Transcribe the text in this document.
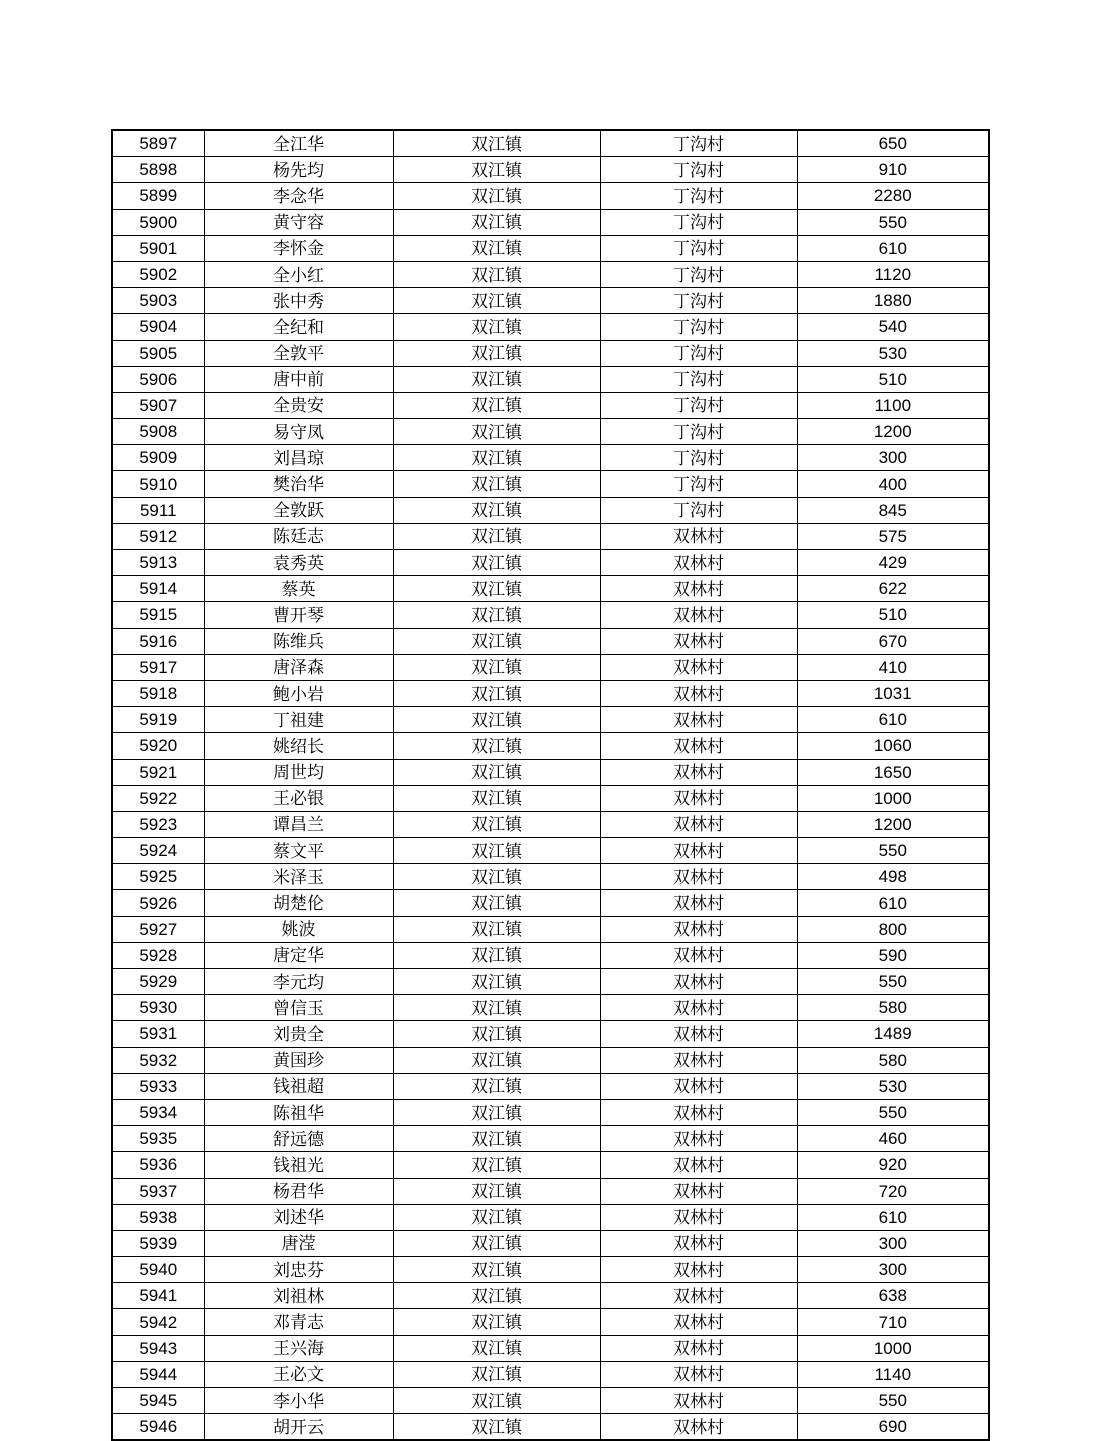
5897	全江华	双江镇	丁沟村	650
5898	杨先均	双江镇	丁沟村	910
5899	李念华	双江镇	丁沟村	2280
5900	黄守容	双江镇	丁沟村	550
5901	李怀金	双江镇	丁沟村	610
5902	全小红	双江镇	丁沟村	1120
5903	张中秀	双江镇	丁沟村	1880
5904	全纪和	双江镇	丁沟村	540
5905	全敦平	双江镇	丁沟村	530
5906	唐中前	双江镇	丁沟村	510
5907	全贵安	双江镇	丁沟村	1100
5908	易守凤	双江镇	丁沟村	1200
5909	刘昌琼	双江镇	丁沟村	300
5910	樊治华	双江镇	丁沟村	400
5911	全敦跃	双江镇	丁沟村	845
5912	陈廷志	双江镇	双林村	575
5913	袁秀英	双江镇	双林村	429
5914	蔡英	双江镇	双林村	622
5915	曹开琴	双江镇	双林村	510
5916	陈维兵	双江镇	双林村	670
5917	唐泽森	双江镇	双林村	410
5918	鲍小岩	双江镇	双林村	1031
5919	丁祖建	双江镇	双林村	610
5920	姚绍长	双江镇	双林村	1060
5921	周世均	双江镇	双林村	1650
5922	王必银	双江镇	双林村	1000
5923	谭昌兰	双江镇	双林村	1200
5924	蔡文平	双江镇	双林村	550
5925	米泽玉	双江镇	双林村	498
5926	胡楚伦	双江镇	双林村	610
5927	姚波	双江镇	双林村	800
5928	唐定华	双江镇	双林村	590
5929	李元均	双江镇	双林村	550
5930	曾信玉	双江镇	双林村	580
5931	刘贵全	双江镇	双林村	1489
5932	黄国珍	双江镇	双林村	580
5933	钱祖超	双江镇	双林村	530
5934	陈祖华	双江镇	双林村	550
5935	舒远德	双江镇	双林村	460
5936	钱祖光	双江镇	双林村	920
5937	杨君华	双江镇	双林村	720
5938	刘述华	双江镇	双林村	610
5939	唐滢	双江镇	双林村	300
5940	刘忠芬	双江镇	双林村	300
5941	刘祖林	双江镇	双林村	638
5942	邓青志	双江镇	双林村	710
5943	王兴海	双江镇	双林村	1000
5944	王必文	双江镇	双林村	1140
5945	李小华	双江镇	双林村	550
5946	胡开云	双江镇	双林村	690
